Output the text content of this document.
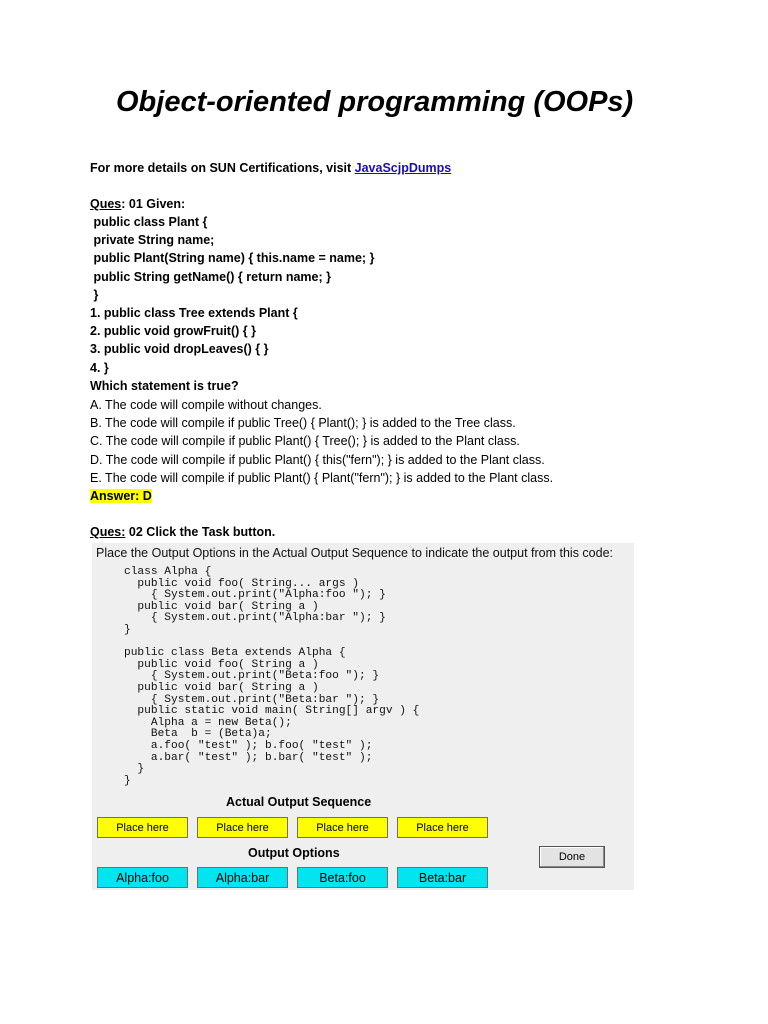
Object-oriented programming (OOPs)
For more details on SUN Certifications, visit JavaScjpDumps
Ques: 01 Given:
public class Plant {
private String name;
public Plant(String name) { this.name = name; }
public String getName() { return name; }
}
1. public class Tree extends Plant {
2. public void growFruit() { }
3. public void dropLeaves() { }
4. }
Which statement is true?
A. The code will compile without changes.
B. The code will compile if public Tree() { Plant(); } is added to the Tree class.
C. The code will compile if public Plant() { Tree(); } is added to the Plant class.
D. The code will compile if public Plant() { this("fern"); } is added to the Plant class.
E. The code will compile if public Plant() { Plant("fern"); } is added to the Plant class.
Answer: D
Ques: 02 Click the Task button.
Place the Output Options in the Actual Output Sequence to indicate the output from this code:
class Alpha {
public void foo( String... args )
{ System.out.print("Alpha:foo "); }
public void bar( String a )
{ System.out.print("Alpha:bar "); }
}

public class Beta extends Alpha {
public void foo( String a )
{ System.out.print("Beta:foo "); }
public void bar( String a )
{ System.out.print("Beta:bar "); }
public static void main( String[] argv ) {
Alpha a = new Beta();
Beta  b = (Beta)a;
a.foo( "test" ); b.foo( "test" );
a.bar( "test" ); b.bar( "test" );
}
}
Actual Output Sequence
Place here	Place here	Place here	Place here
Output Options	Done
Alpha:foo	Alpha:bar	Beta:foo	Beta:bar
